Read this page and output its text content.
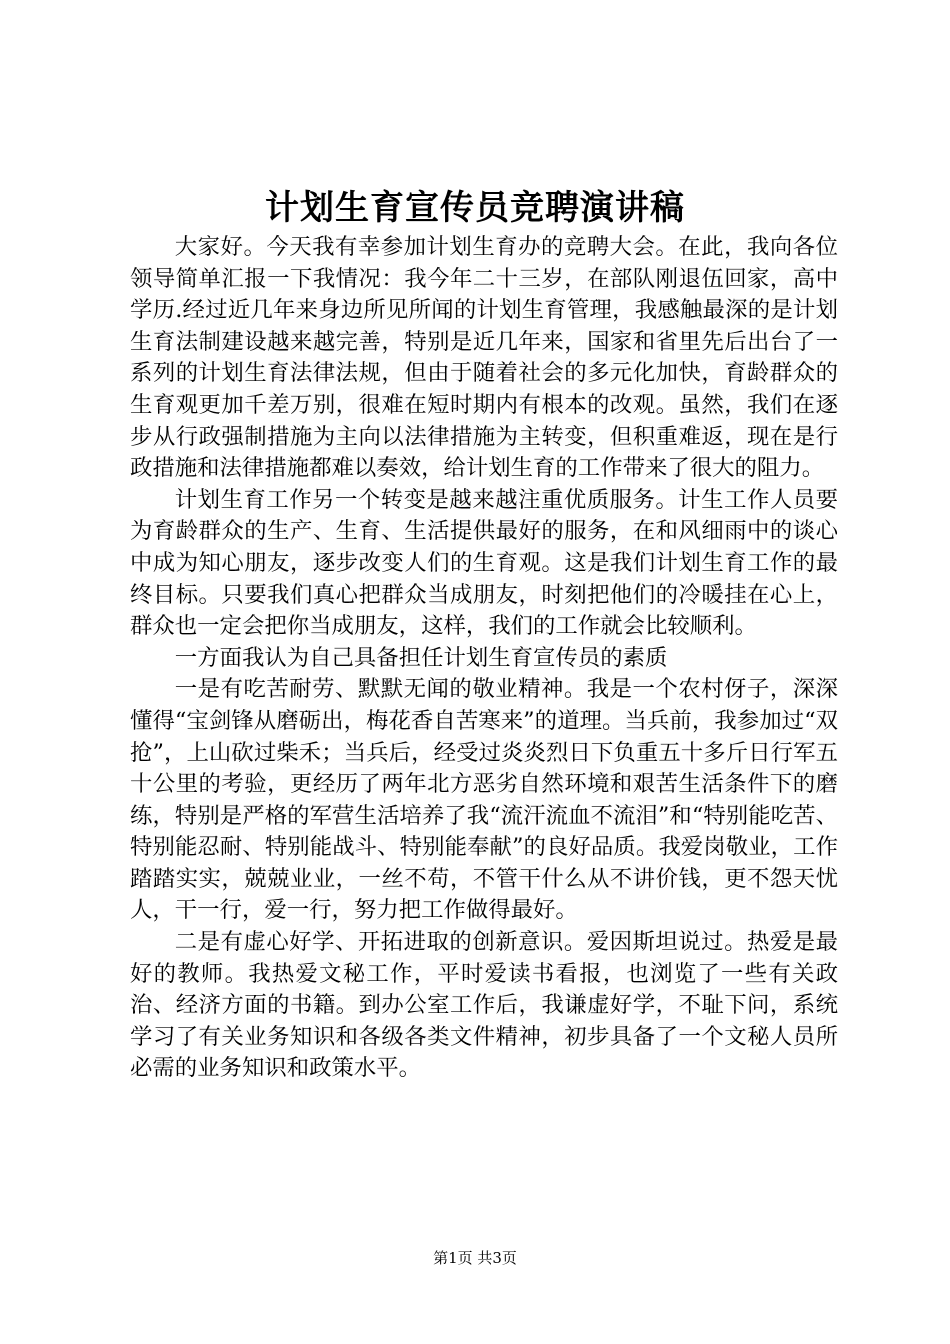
计划生育宣传员竞聘演讲稿

大家好。今天我有幸参加计划生育办的竞聘大会。在此，我向各位领导简单汇报一下我情况：我今年二十三岁，在部队刚退伍回家，高中学历.经过近几年来身边所见所闻的计划生育管理，我感触最深的是计划生育法制建设越来越完善，特别是近几年来，国家和省里先后出台了一系列的计划生育法律法规，但由于随着社会的多元化加快，育龄群众的生育观更加千差万别，很难在短时期内有根本的改观。虽然，我们在逐步从行政强制措施为主向以法律措施为主转变，但积重难返，现在是行政措施和法律措施都难以奏效，给计划生育的工作带来了很大的阻力。

计划生育工作另一个转变是越来越注重优质服务。计生工作人员要为育龄群众的生产、生育、生活提供最好的服务，在和风细雨中的谈心中成为知心朋友，逐步改变人们的生育观。这是我们计划生育工作的最终目标。只要我们真心把群众当成朋友，时刻把他们的冷暖挂在心上，群众也一定会把你当成朋友，这样，我们的工作就会比较顺利。

一方面我认为自己具备担任计划生育宣传员的素质

一是有吃苦耐劳、默默无闻的敬业精神。我是一个农村伢子，深深懂得“宝剑锋从磨砺出，梅花香自苦寒来”的道理。当兵前，我参加过“双抢”，上山砍过柴禾；当兵后，经受过炎炎烈日下负重五十多斤日行军五十公里的考验，更经历了两年北方恶劣自然环境和艰苦生活条件下的磨练，特别是严格的军营生活培养了我“流汗流血不流泪”和“特别能吃苦、特别能忍耐、特别能战斗、特别能奉献”的良好品质。我爱岗敬业，工作踏踏实实，兢兢业业，一丝不苟，不管干什么从不讲价钱，更不怨天忧人，干一行，爱一行，努力把工作做得最好。

二是有虚心好学、开拓进取的创新意识。爱因斯坦说过。热爱是最好的教师。我热爱文秘工作，平时爱读书看报，也浏览了一些有关政治、经济方面的书籍。到办公室工作后，我谦虚好学，不耻下问，系统学习了有关业务知识和各级各类文件精神，初步具备了一个文秘人员所必需的业务知识和政策水平。

第1页 共3页
